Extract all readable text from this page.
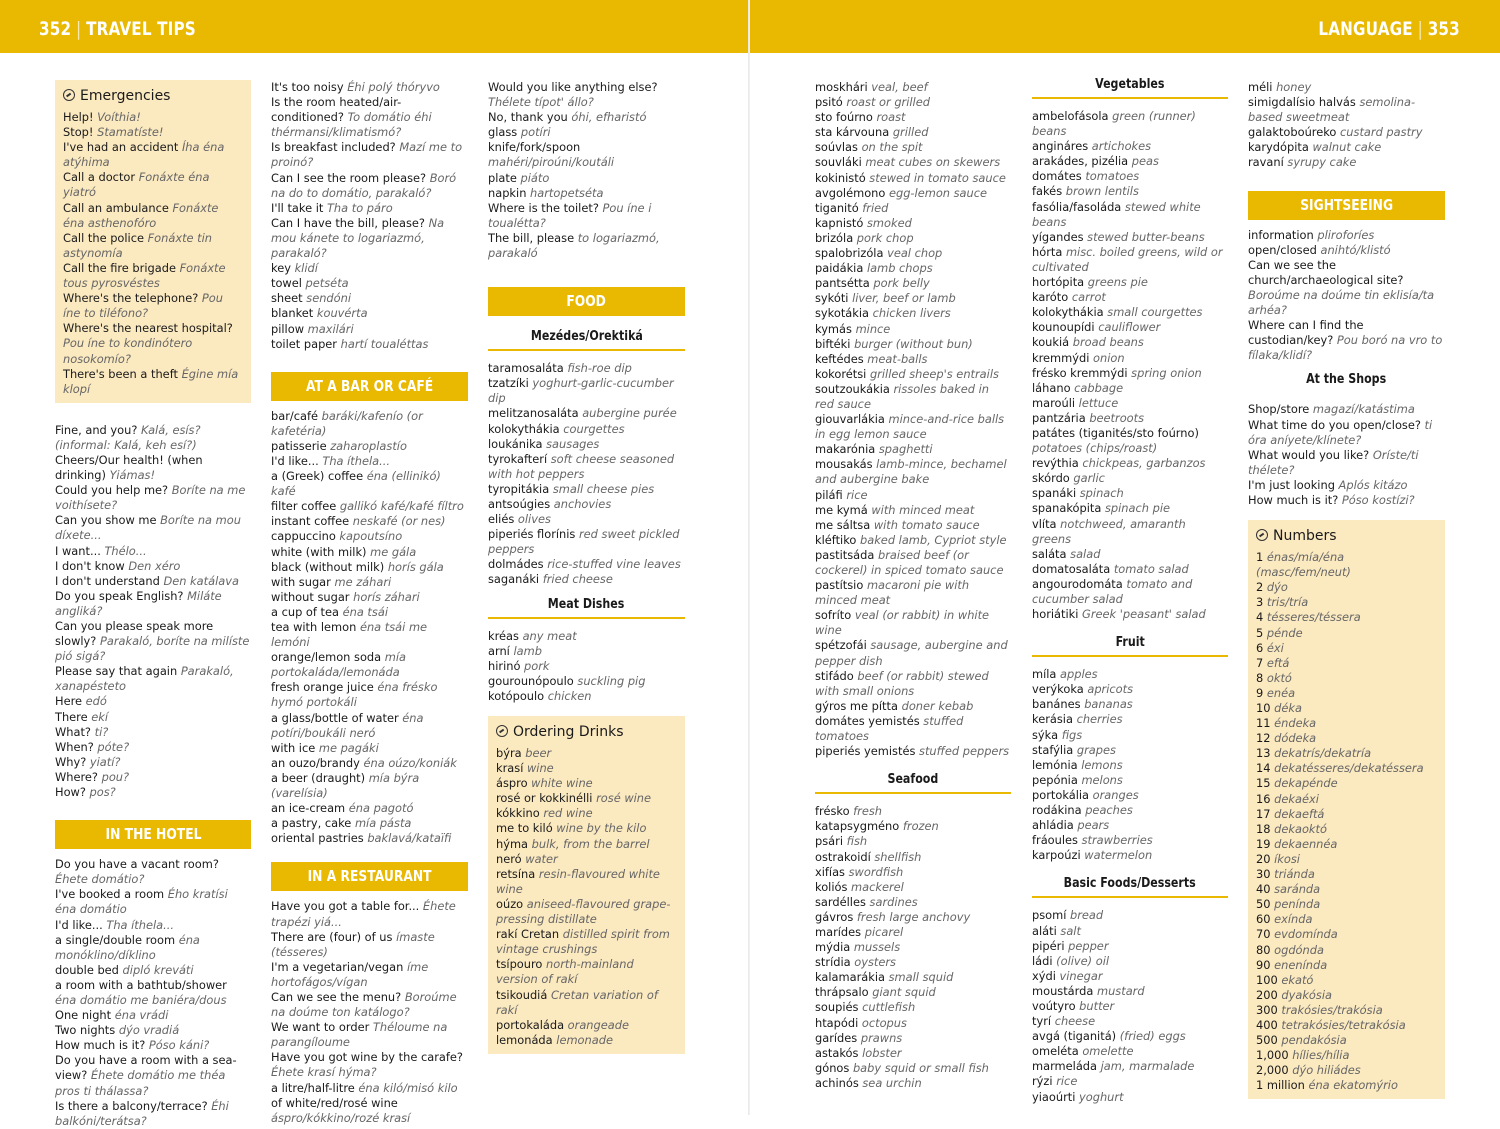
352 | TRAVEL TIPS	LANGUAGE | 353
Emergencies

Help! Voíthia!

Stop! Stamatíste!

I've had an accident Íha éna atýhima

Call a doctor Fonáxte éna yiatró

Call an ambulance Fonáxte éna asthenofóro

Call the police Fonáxte tin astynomía

Call the fire brigade Fonáxte tous pyrosvéstes

Where's the telephone? Pou íne to tiléfono?

Where's the nearest hospital? Pou íne to kondinótero nosokomío?

There's been a theft Égine mía klopí

Fine, and you? Kalá, esís? (informal: Kalá, keh esí?)

Cheers/Our health! (when drinking) Yiámas!

Could you help me? Boríte na me voithísete?

Can you show me Boríte na mou díxete...

I want... Thélo...

I don't know Den xéro

I don't understand Den katálava

Do you speak English? Miláte angliká?

Can you please speak more slowly? Parakaló, boríte na milíste pió sigá?

Please say that again Parakaló, xanapésteto

Here edó

There ekí

What? ti?

When? póte?

Why? yiatí?

Where? pou?

How? pos?

IN THE HOTEL

Do you have a vacant room? Éhete domátio?

I've booked a room Ého kratísi éna domátio

I'd like... Tha íthela...

a single/double room éna monóklino/díklino

double bed dipló kreváti

a room with a bathtub/shower éna domátio me baniéra/dous

One night éna vrádi

Two nights dýo vradiá

How much is it? Póso káni?

Do you have a room with a sea-view? Éhete domátio me théa pros ti thálassa?

Is there a balcony/terrace? Éhi balkóni/terátsa?

It's too noisy Éhi polý thóryvo

Is the room heated/air-conditioned? To domátio éhi thérmansi/klimatismó?

Is breakfast included? Mazí me to proinó?

Can I see the room please? Boró na do to domátio, parakaló?

I'll take it Tha to páro

Can I have the bill, please? Na mou kánete to logariazmó, parakaló?

key klidí

towel petséta

sheet sendóni

blanket kouvérta

pillow maxilári

toilet paper hartí toualéttas

AT A BAR OR CAFÉ

bar/café baráki/kafenío (or kafetéria)

patisserie zaharoplastío

I'd like... Tha íthela...

a (Greek) coffee éna (ellinikó) kafé

filter coffee gallikó kafé/kafé fíltro

instant coffee neskafé (or nes)

cappuccino kapoutsíno

white (with milk) me gála

black (without milk) horís gála

with sugar me záhari

without sugar horís záhari

a cup of tea éna tsái

tea with lemon éna tsái me lemóni

orange/lemon soda mía portokaláda/lemonáda

fresh orange juice éna frésko hymó portokáli

a glass/bottle of water éna potíri/boukáli neró

with ice me pagáki

an ouzo/brandy éna oúzo/koniák

a beer (draught) mía býra (varelísia)

an ice-cream éna pagotó

a pastry, cake mía pásta

oriental pastries baklavá/kataïfi

IN A RESTAURANT

Have you got a table for... Éhete trapézi yiá...

There are (four) of us ímaste (tésseres)

I'm a vegetarian/vegan íme hortofágos/vígan

Can we see the menu? Boroúme na doúme ton katálogo?

We want to order Théloume na parangíloume

Have you got wine by the carafe? Éhete krasí hýma?

a litre/half-litre éna kiló/misó kilo

of white/red/rosé wine áspro/kókkino/rozé krasí

Would you like anything else? Thélete típot' állo?

No, thank you óhi, efharistó

glass potíri

knife/fork/spoon mahéri/piroúni/koutáli

plate piáto

napkin hartopetséta

Where is the toilet? Pou íne i toualétta?

The bill, please to logariazmó, parakaló

FOOD
Mezédes/Orektiká

taramosaláta fish-roe dip

tzatzíki yoghurt-garlic-cucumber dip

melitzanosaláta aubergine purée

kolokythákia courgettes

loukánika sausages

tyrokafterí soft cheese seasoned with hot peppers

tyropitákia small cheese pies

antsoúgies anchovies

eliés olives

piperiés florínis red sweet pickled peppers

dolmádes rice-stuffed vine leaves

saganáki fried cheese

Meat Dishes

kréas any meat

arní lamb

hirinó pork

gourounópoulo suckling pig

kotópoulo chicken

Ordering Drinks

býra beer

krasí wine

áspro white wine

rosé or kokkinélli rosé wine

kókkino red wine

me to kiló wine by the kilo

hýma bulk, from the barrel

neró water

retsína resin-flavoured white wine

oúzo aniseed-flavoured grape-pressing distillate

rakí Cretan distilled spirit from vintage crushings

tsípouro north-mainland version of rakí

tsikoudiá Cretan variation of rakí

portokaláda orangeade

lemonáda lemonade

moskhári veal, beef

psitó roast or grilled

sto foúrno roast

sta kárvouna grilled

soúvlas on the spit

souvláki meat cubes on skewers

kokinistó stewed in tomato sauce

avgolémono egg-lemon sauce

tiganitó fried

kapnistó smoked

brizóla pork chop

spalobrizóla veal chop

paidákia lamb chops

pantsétta pork belly

sykóti liver, beef or lamb

sykotákia chicken livers

kymás mince

biftéki burger (without bun)

keftédes meat-balls

kokorétsi grilled sheep's entrails

soutzoukákia rissoles baked in red sauce

giouvarlákia mince-and-rice balls in egg lemon sauce

makarónia spaghetti

mousakás lamb-mince, bechamel and aubergine bake

piláfi rice

me kymá with minced meat

me sáltsa with tomato sauce

kléftiko baked lamb, Cypriot style

pastitsáda braised beef (or cockerel) in spiced tomato sauce

pastítsio macaroni pie with minced meat

sofríto veal (or rabbit) in white wine

spétzofái sausage, aubergine and pepper dish

stifádo beef (or rabbit) stewed with small onions

gýros me pítta doner kebab

domátes yemistés stuffed tomatoes

piperiés yemistés stuffed peppers

Seafood

frésko fresh

katapsygméno frozen

psári fish

ostrakoidí shellfish

xifías swordfish

koliós mackerel

sardélles sardines

gávros fresh large anchovy

marídes picarel

mýdia mussels

strídia oysters

kalamarákia small squid

thrápsalo giant squid

soupiés cuttlefish

htapódi octopus

garídes prawns

astakós lobster

gónos baby squid or small fish

achinós sea urchin

Vegetables

ambelofásola green (runner) beans

angináres artichokes

arakádes, pizélia peas

domátes tomatoes

fakés brown lentils

fasólia/fasoláda stewed white beans

yígandes stewed butter-beans

hórta misc. boiled greens, wild or cultivated

hortópita greens pie

karóto carrot

kolokythákia small courgettes

kounoupídi cauliflower

koukiá broad beans

kremmýdi onion

frésko kremmýdi spring onion

láhano cabbage

maroúli lettuce

pantzária beetroots

patátes (tiganités/sto foúrno) potatoes (chips/roast)

revýthia chickpeas, garbanzos

skórdo garlic

spanáki spinach

spanakópita spinach pie

vlíta notchweed, amaranth greens

saláta salad

domatosaláta tomato salad

angourodomáta tomato and cucumber salad

horiátiki Greek 'peasant' salad

Fruit

míla apples

verýkoka apricots

banánes bananas

kerásia cherries

sýka figs

stafýlia grapes

lemónia lemons

pepónia melons

portokália oranges

rodákina peaches

ahládia pears

fráoules strawberries

karpoúzi watermelon

Basic Foods/Desserts

psomí bread

aláti salt

pipéri pepper

ládi (olive) oil

xýdi vinegar

moustárda mustard

voútyro butter

tyrí cheese

avgá (tiganitá) (fried) eggs

omeléta omelette

marmeláda jam, marmalade

rýzi rice

yiaoúrti yoghurt

méli honey

simigdalísio halvás semolina-based sweetmeat

galaktoboúreko custard pastry

karydópita walnut cake

ravaní syrupy cake

SIGHTSEEING

information pliroforíes

open/closed anihtó/klistó

Can we see the church/archaeological site? Boroúme na doúme tin eklisía/ta arhéa?

Where can I find the custodian/key? Pou boró na vro to fílaka/klidí?

At the Shops

Shop/store magazí/katástima

What time do you open/close? ti óra aníyete/klínete?

What would you like? Oríste/ti thélete?

I'm just looking Aplós kitázo

How much is it? Póso kostízi?

Numbers

1 énas/mía/éna (masc/fem/neut)

2 dýo

3 tris/tría

4 tésseres/téssera

5 pénde

6 éxi

7 eftá

8 októ

9 enéa

10 déka

11 éndeka

12 dódeka

13 dekatrís/dekatría

14 dekatésseres/dekatéssera

15 dekapénde

16 dekaéxi

17 dekaeftá

18 dekaoktó

19 dekaennéa

20 íkosi

30 triánda

40 saránda

50 penínda

60 exínda

70 evdomínda

80 ogdónda

90 enenínda

100 ekató

200 dyakósia

300 trakósies/trakósia

400 tetrakósies/tetrakósia

500 pendakósia

1,000 hílies/hília

2,000 dýo hiliádes

1 million éna ekatomýrio
